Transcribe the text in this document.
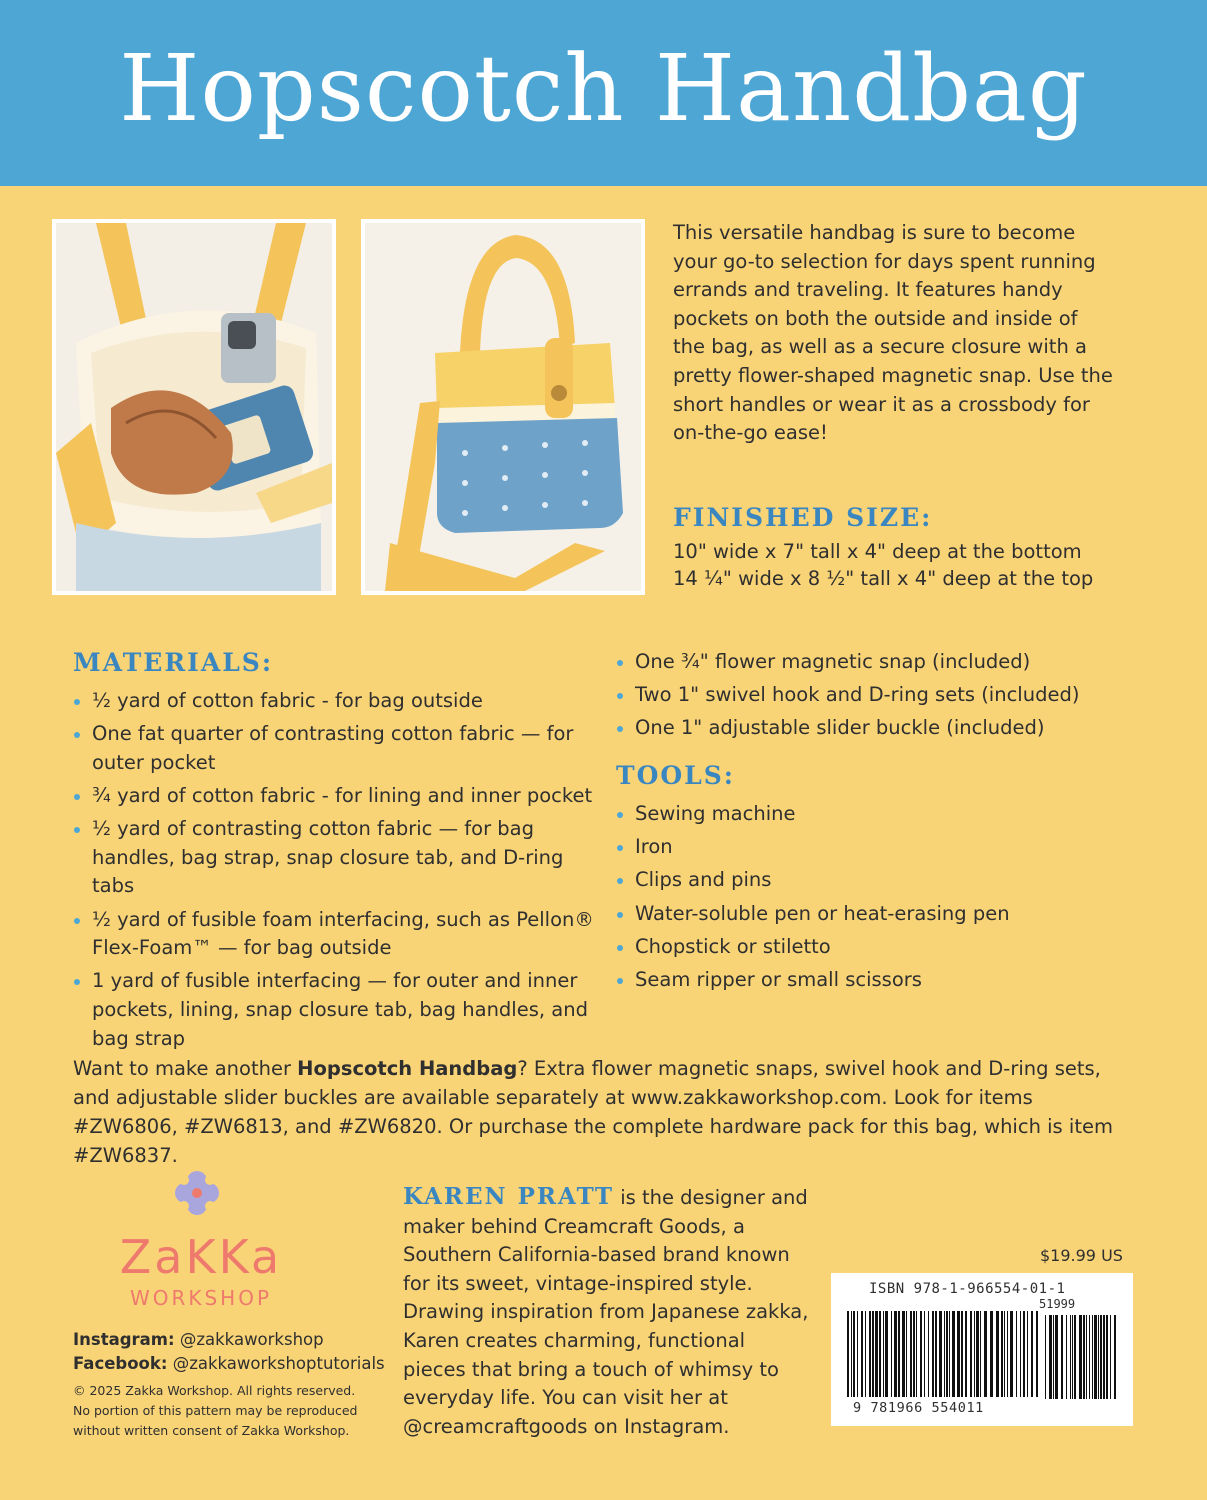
Hopscotch Handbag

This versatile handbag is sure to become your go-to selection for days spent running errands and traveling. It features handy pockets on both the outside and inside of the bag, as well as a secure closure with a pretty flower-shaped magnetic snap. Use the short handles or wear it as a crossbody for on-the-go ease!

FINISHED SIZE:
10" wide x 7" tall x 4" deep at the bottom
14 ¼" wide x 8 ½" tall x 4" deep at the top
MATERIALS:
½ yard of cotton fabric - for bag outside
One fat quarter of contrasting cotton fabric — for outer pocket
¾ yard of cotton fabric - for lining and inner pocket
½ yard of contrasting cotton fabric — for bag handles, bag strap, snap closure tab, and D-ring tabs
½ yard of fusible foam interfacing, such as Pellon® Flex-Foam™ — for bag outside
1 yard of fusible interfacing — for outer and inner pockets, lining, snap closure tab, bag handles, and bag strap
One ¾" flower magnetic snap (included)
Two 1" swivel hook and D-ring sets (included)
One 1" adjustable slider buckle (included)
TOOLS:
Sewing machine
Iron
Clips and pins
Water-soluble pen or heat-erasing pen
Chopstick or stiletto
Seam ripper or small scissors

Want to make another Hopscotch Handbag? Extra flower magnetic snaps, swivel hook and D-ring sets, and adjustable slider buckles are available separately at www.zakkaworkshop.com. Look for items #ZW6806, #ZW6813, and #ZW6820. Or purchase the complete hardware pack for this bag, which is item #ZW6837.

ZaKKa
WORKSHOP
Instagram: @zakkaworkshop
Facebook: @zakkaworkshoptutorials

© 2025 Zakka Workshop. All rights reserved. No portion of this pattern may be reproduced without written consent of Zakka Workshop.

KAREN PRATT is the designer and maker behind Creamcraft Goods, a Southern California-based brand known for its sweet, vintage-inspired style. Drawing inspiration from Japanese zakka, Karen creates charming, functional pieces that bring a touch of whimsy to everyday life. You can visit her at @creamcraftgoods on Instagram.

$19.99 US
ISBN 978-1-966554-01-1
51999
9 781966 554011
